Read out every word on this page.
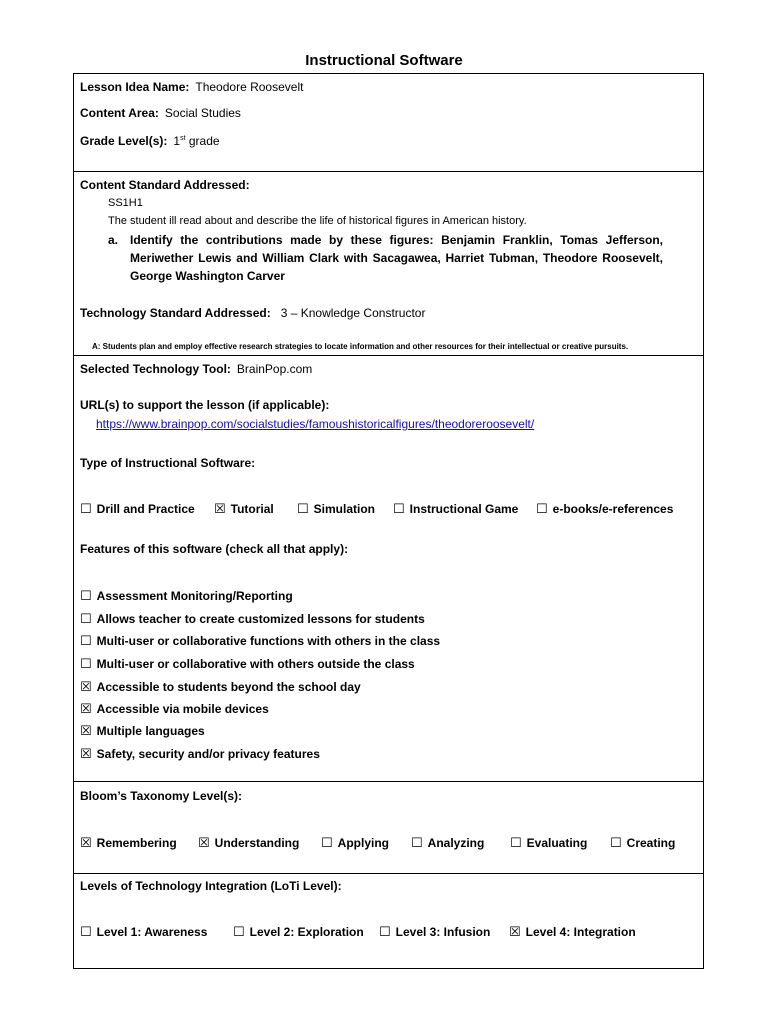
Instructional Software
Lesson Idea Name: Theodore Roosevelt
Content Area: Social Studies
Grade Level(s): 1st grade
Content Standard Addressed:
SS1H1
The student ill read about and describe the life of historical figures in American history.
a. Identify the contributions made by these figures: Benjamin Franklin, Tomas Jefferson, Meriwether Lewis and William Clark with Sacagawea, Harriet Tubman, Theodore Roosevelt, George Washington Carver
Technology Standard Addressed: 3 – Knowledge Constructor
A: Students plan and employ effective research strategies to locate information and other resources for their intellectual or creative pursuits.
Selected Technology Tool: BrainPop.com
URL(s) to support the lesson (if applicable):
https://www.brainpop.com/socialstudies/famoushistoricalfigures/theodoreroosevelt/
Type of Instructional Software:
☐ Drill and Practice ☒ Tutorial ☐ Simulation ☐ Instructional Game ☐ e-books/e-references
Features of this software (check all that apply):
☐ Assessment Monitoring/Reporting
☐ Allows teacher to create customized lessons for students
☐ Multi-user or collaborative functions with others in the class
☐ Multi-user or collaborative with others outside the class
☒ Accessible to students beyond the school day
☒ Accessible via mobile devices
☒ Multiple languages
☒ Safety, security and/or privacy features
Bloom’s Taxonomy Level(s):
☒ Remembering ☒ Understanding ☐ Applying ☐ Analyzing ☐ Evaluating ☐ Creating
Levels of Technology Integration (LoTi Level):
☐ Level 1: Awareness ☐ Level 2: Exploration ☐ Level 3: Infusion ☒ Level 4: Integration
